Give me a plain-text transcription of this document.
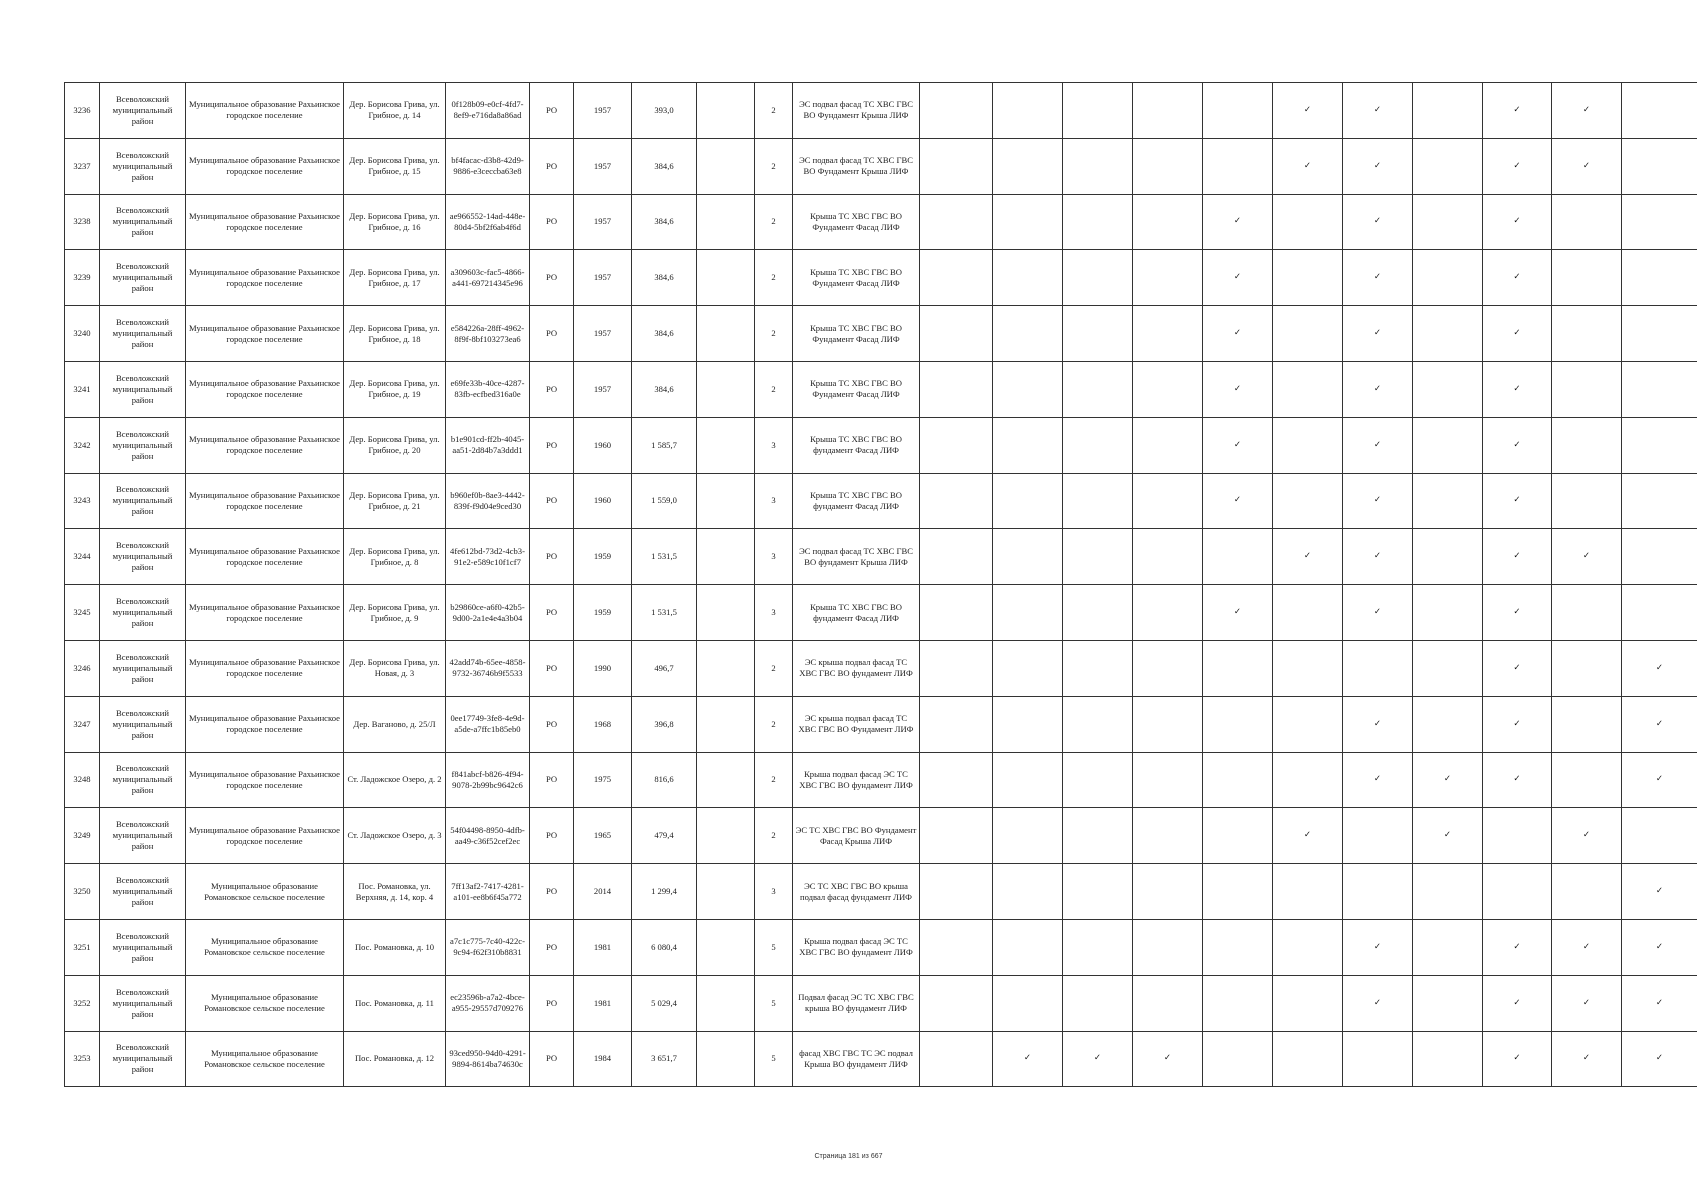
3236	Всеволожский муниципальный район	Муниципальное образование Рахьинское городское поселение	Дер. Борисова Грива, ул. Грибное, д. 14	0f128b09-e0cf-4fd7-8ef9-e716da8a86ad	РО	1957	393,0		2	ЭС подвал фасад ТС ХВС ГВС ВО Фундамент Крыша ЛИФ						✓	✓		✓	✓	
3237	Всеволожский муниципальный район	Муниципальное образование Рахьинское городское поселение	Дер. Борисова Грива, ул. Грибное, д. 15	bf4facac-d3b8-42d9-9886-e3ceccba63e8	РО	1957	384,6		2	ЭС подвал фасад ТС ХВС ГВС ВО Фундамент Крыша ЛИФ						✓	✓		✓	✓	
3238	Всеволожский муниципальный район	Муниципальное образование Рахьинское городское поселение	Дер. Борисова Грива, ул. Грибное, д. 16	ae966552-14ad-448e-80d4-5bf2f6ab4f6d	РО	1957	384,6		2	Крыша ТС ХВС ГВС ВО Фундамент Фасад ЛИФ					✓		✓		✓		
3239	Всеволожский муниципальный район	Муниципальное образование Рахьинское городское поселение	Дер. Борисова Грива, ул. Грибное, д. 17	a309603c-fac5-4866-a441-697214345e96	РО	1957	384,6		2	Крыша ТС ХВС ГВС ВО Фундамент Фасад ЛИФ					✓		✓		✓		
3240	Всеволожский муниципальный район	Муниципальное образование Рахьинское городское поселение	Дер. Борисова Грива, ул. Грибное, д. 18	e584226a-28ff-4962-8f9f-8bf103273ea6	РО	1957	384,6		2	Крыша ТС ХВС ГВС ВО Фундамент Фасад ЛИФ					✓		✓		✓		
3241	Всеволожский муниципальный район	Муниципальное образование Рахьинское городское поселение	Дер. Борисова Грива, ул. Грибное, д. 19	e69fe33b-40ce-4287-83fb-ecfbed316a0e	РО	1957	384,6		2	Крыша ТС ХВС ГВС ВО Фундамент Фасад ЛИФ					✓		✓		✓		
3242	Всеволожский муниципальный район	Муниципальное образование Рахьинское городское поселение	Дер. Борисова Грива, ул. Грибное, д. 20	b1e901cd-ff2b-4045-aa51-2d84b7a3ddd1	РО	1960	1 585,7		3	Крыша ТС ХВС ГВС ВО фундамент Фасад ЛИФ					✓		✓		✓		
3243	Всеволожский муниципальный район	Муниципальное образование Рахьинское городское поселение	Дер. Борисова Грива, ул. Грибное, д. 21	b960ef0b-8ae3-4442-839f-f9d04e9ced30	РО	1960	1 559,0		3	Крыша ТС ХВС ГВС ВО фундамент Фасад ЛИФ					✓		✓		✓		
3244	Всеволожский муниципальный район	Муниципальное образование Рахьинское городское поселение	Дер. Борисова Грива, ул. Грибное, д. 8	4fe612bd-73d2-4cb3-91e2-e589c10f1cf7	РО	1959	1 531,5		3	ЭС подвал фасад ТС ХВС ГВС ВО фундамент Крыша ЛИФ						✓	✓		✓	✓	
3245	Всеволожский муниципальный район	Муниципальное образование Рахьинское городское поселение	Дер. Борисова Грива, ул. Грибное, д. 9	b29860ce-a6f0-42b5-9d00-2a1e4e4a3b04	РО	1959	1 531,5		3	Крыша ТС ХВС ГВС ВО фундамент Фасад ЛИФ					✓		✓		✓		
3246	Всеволожский муниципальный район	Муниципальное образование Рахьинское городское поселение	Дер. Борисова Грива, ул. Новая, д. 3	42add74b-65ee-4858-9732-36746b9f5533	РО	1990	496,7		2	ЭС крыша подвал фасад ТС ХВС ГВС ВО фундамент ЛИФ									✓		✓
3247	Всеволожский муниципальный район	Муниципальное образование Рахьинское городское поселение	Дер. Ваганово, д. 25/Л	0ee17749-3fe8-4e9d-a5de-a7ffc1b85eb0	РО	1968	396,8		2	ЭС крыша подвал фасад ТС ХВС ГВС ВО Фундамент ЛИФ							✓		✓		✓
3248	Всеволожский муниципальный район	Муниципальное образование Рахьинское городское поселение	Ст. Ладожское Озеро, д. 2	f841abcf-b826-4f94-9078-2b99bc9642c6	РО	1975	816,6		2	Крыша подвал фасад ЭС ТС ХВС ГВС ВО фундамент ЛИФ							✓	✓	✓		✓
3249	Всеволожский муниципальный район	Муниципальное образование Рахьинское городское поселение	Ст. Ладожское Озеро, д. 3	54f04498-8950-4dfb-aa49-c36f52cef2ec	РО	1965	479,4		2	ЭС ТС ХВС ГВС ВО Фундамент Фасад Крыша ЛИФ						✓		✓		✓	
3250	Всеволожский муниципальный район	Муниципальное образование Романовское сельское поселение	Пос. Романовка, ул. Верхняя, д. 14, кор. 4	7ff13af2-7417-4281-a101-ee8b6f45a772	РО	2014	1 299,4		3	ЭС ТС ХВС ГВС ВО крыша подвал фасад фундамент ЛИФ											✓
3251	Всеволожский муниципальный район	Муниципальное образование Романовское сельское поселение	Пос. Романовка, д. 10	a7c1c775-7c40-422c-9c94-f62f310b8831	РО	1981	6 080,4		5	Крыша подвал фасад ЭС ТС ХВС ГВС ВО фундамент ЛИФ							✓		✓	✓	✓
3252	Всеволожский муниципальный район	Муниципальное образование Романовское сельское поселение	Пос. Романовка, д. 11	ec23596b-a7a2-4bce-a955-29557d709276	РО	1981	5 029,4		5	Подвал фасад ЭС ТС ХВС ГВС крыша ВО фундамент ЛИФ							✓		✓	✓	✓
3253	Всеволожский муниципальный район	Муниципальное образование Романовское сельское поселение	Пос. Романовка, д. 12	93ced950-94d0-4291-9894-8614ba74630c	РО	1984	3 651,7		5	фасад ХВС ГВС ТС ЭС подвал Крыша ВО фундамент ЛИФ		✓	✓	✓					✓	✓	✓
Страница 181 из 667
